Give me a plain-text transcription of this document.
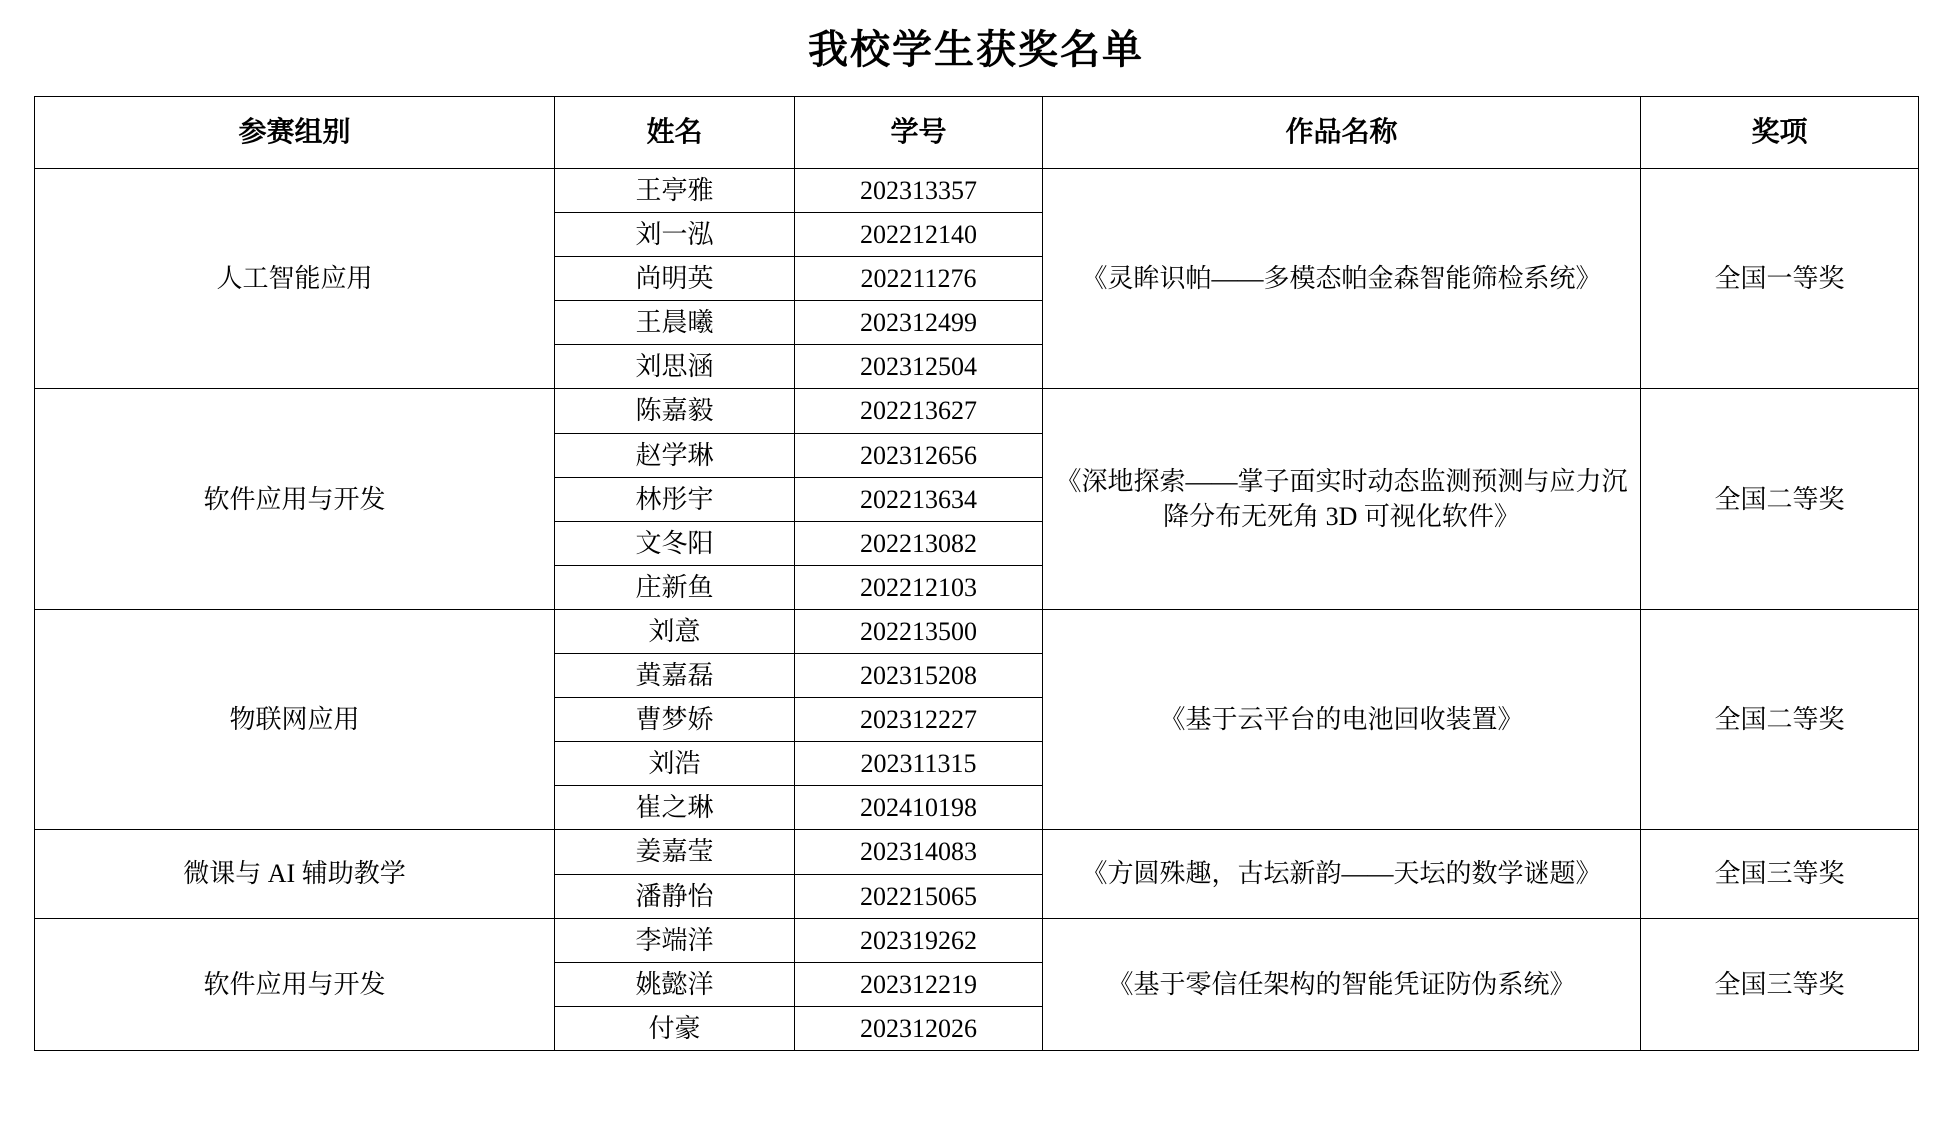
我校学生获奖名单
参赛组别	姓名	学号	作品名称	奖项
人工智能应用	王亭雅	202313357	《灵眸识帕——多模态帕金森智能筛检系统》	全国一等奖
	刘一泓	202212140		
	尚明英	202211276		
	王晨曦	202312499		
	刘思涵	202312504		
软件应用与开发	陈嘉毅	202213627	《深地探索——掌子面实时动态监测预测与应力沉降分布无死角 3D 可视化软件》	全国二等奖
	赵学琳	202312656		
	林彤宇	202213634		
	文冬阳	202213082		
	庄新鱼	202212103		
物联网应用	刘意	202213500	《基于云平台的电池回收装置》	全国二等奖
	黄嘉磊	202315208		
	曹梦娇	202312227		
	刘浩	202311315		
	崔之琳	202410198		
微课与 AI 辅助教学	姜嘉莹	202314083	《方圆殊趣，古坛新韵——天坛的数学谜题》	全国三等奖
	潘静怡	202215065		
软件应用与开发	李端洋	202319262	《基于零信任架构的智能凭证防伪系统》	全国三等奖
	姚懿洋	202312219		
	付豪	202312026		
